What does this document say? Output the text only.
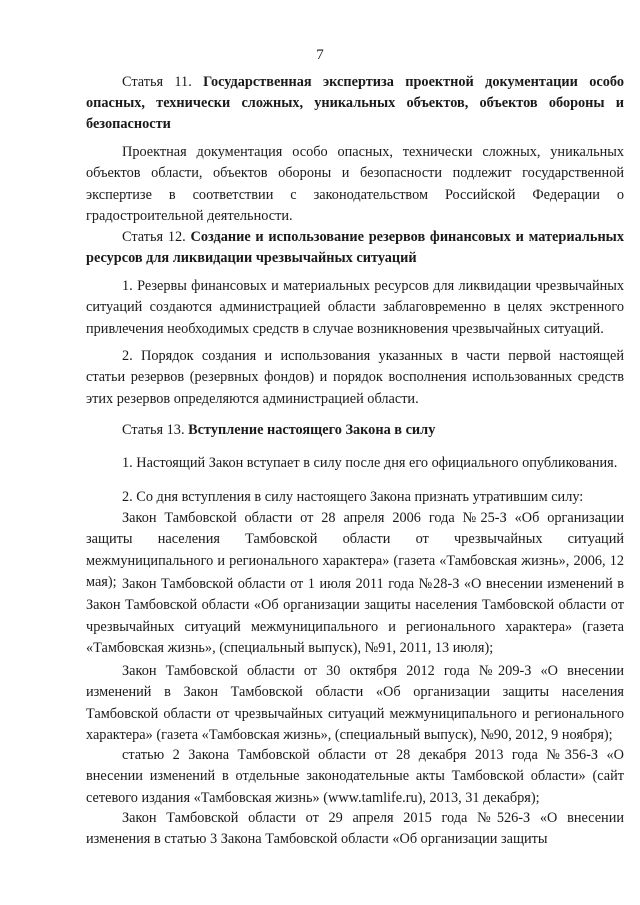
7
Статья 11. Государственная экспертиза проектной документации особо опасных, технически сложных, уникальных объектов, объектов обороны и безопасности
Проектная документация особо опасных, технически сложных, уникальных объектов области, объектов обороны и безопасности подлежит государственной экспертизе в соответствии с законодательством Российской Федерации о градостроительной деятельности.
Статья 12. Создание и использование резервов финансовых и материальных ресурсов для ликвидации чрезвычайных ситуаций
1. Резервы финансовых и материальных ресурсов для ликвидации чрезвычайных ситуаций создаются администрацией области заблаговременно в целях экстренного привлечения необходимых средств в случае возникновения чрезвычайных ситуаций.
2. Порядок создания и использования указанных в части первой настоящей статьи резервов (резервных фондов) и порядок восполнения использованных средств этих резервов определяются администрацией области.
Статья 13. Вступление настоящего Закона в силу
1. Настоящий Закон вступает в силу после дня его официального опубликования.
2. Со дня вступления в силу настоящего Закона признать утратившим силу:
Закон Тамбовской области от 28 апреля 2006 года №25-З «Об организации защиты населения Тамбовской области от чрезвычайных ситуаций межмуниципального и регионального характера» (газета «Тамбовская жизнь», 2006, 12 мая); Закон Тамбовской области от 1 июля 2011 года №28-З «О внесении изменений в Закон Тамбовской области «Об организации защиты населения Тамбовской области от чрезвычайных ситуаций межмуниципального и регионального характера» (газета «Тамбовская жизнь», (специальный выпуск), №91, 2011, 13 июля);
Закон Тамбовской области от 30 октября 2012 года №209-З «О внесении изменений в Закон Тамбовской области «Об организации защиты населения Тамбовской области от чрезвычайных ситуаций межмуниципального и регионального характера» (газета «Тамбовская жизнь», (специальный выпуск), №90, 2012, 9 ноября);
статью 2 Закона Тамбовской области от 28 декабря 2013 года №356-З «О внесении изменений в отдельные законодательные акты Тамбовской области» (сайт сетевого издания «Тамбовская жизнь» (www.tamlife.ru), 2013, 31 декабря);
Закон Тамбовской области от 29 апреля 2015 года №526-З «О внесении изменения в статью 3 Закона Тамбовской области «Об организации защиты
